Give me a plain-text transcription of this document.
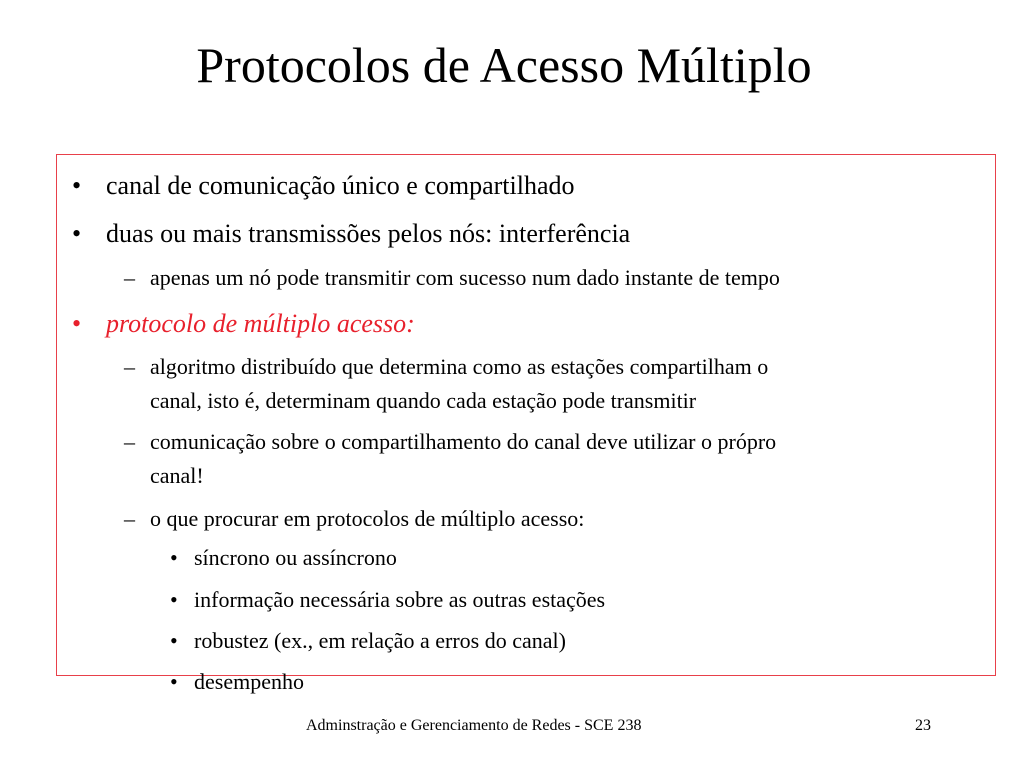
Protocolos de Acesso Múltiplo
• canal de comunicação único e compartilhado
• duas ou mais transmissões pelos nós: interferência
– apenas um nó pode transmitir com sucesso num dado instante de tempo
• protocolo de múltiplo acesso:
– algoritmo distribuído que determina como as estações compartilham o
canal, isto é, determinam quando cada estação pode transmitir
– comunicação sobre o compartilhamento do canal deve utilizar o própro
canal!
– o que procurar em protocolos de múltiplo acesso:
• síncrono ou assíncrono
• informação necessária sobre as outras estações
• robustez (ex., em relação a erros do canal)
• desempenho
Adminstração e Gerenciamento de Redes - SCE 238	23
